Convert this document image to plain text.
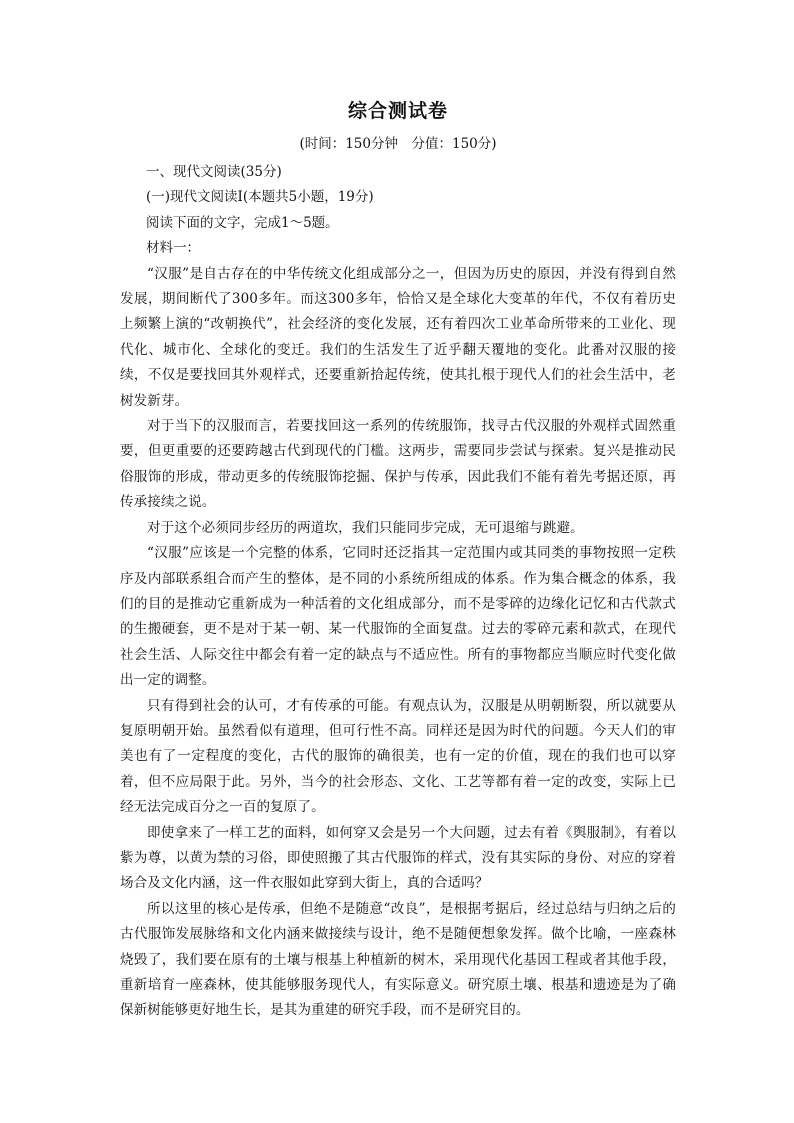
综合测试卷
(时间：150分钟　分值：150分)
一、现代文阅读(35分)
(一)现代文阅读Ⅰ(本题共5小题，19分)
阅读下面的文字，完成1～5题。
材料一：

“汉服”是自古存在的中华传统文化组成部分之一，但因为历史的原因，并没有得到自然发展，期间断代了300多年。而这300多年，恰恰又是全球化大变革的年代，不仅有着历史上频繁上演的“改朝换代”，社会经济的变化发展，还有着四次工业革命所带来的工业化、现代化、城市化、全球化的变迁。我们的生活发生了近乎翻天覆地的变化。此番对汉服的接续，不仅是要找回其外观样式，还要重新拾起传统，使其扎根于现代人们的社会生活中，老树发新芽。

对于当下的汉服而言，若要找回这一系列的传统服饰，找寻古代汉服的外观样式固然重要，但更重要的还要跨越古代到现代的门槛。这两步，需要同步尝试与探索。复兴是推动民俗服饰的形成，带动更多的传统服饰挖掘、保护与传承，因此我们不能有着先考据还原，再传承接续之说。

对于这个必须同步经历的两道坎，我们只能同步完成，无可退缩与跳避。

“汉服”应该是一个完整的体系，它同时还泛指其一定范围内或其同类的事物按照一定秩序及内部联系组合而产生的整体，是不同的小系统所组成的体系。作为集合概念的体系，我们的目的是推动它重新成为一种活着的文化组成部分，而不是零碎的边缘化记忆和古代款式的生搬硬套，更不是对于某一朝、某一代服饰的全面复盘。过去的零碎元素和款式，在现代社会生活、人际交往中都会有着一定的缺点与不适应性。所有的事物都应当顺应时代变化做出一定的调整。

只有得到社会的认可，才有传承的可能。有观点认为，汉服是从明朝断裂，所以就要从复原明朝开始。虽然看似有道理，但可行性不高。同样还是因为时代的问题。今天人们的审美也有了一定程度的变化，古代的服饰的确很美，也有一定的价值，现在的我们也可以穿着，但不应局限于此。另外，当今的社会形态、文化、工艺等都有着一定的改变，实际上已经无法完成百分之一百的复原了。

即使拿来了一样工艺的面料，如何穿又会是另一个大问题，过去有着《舆服制》，有着以紫为尊，以黄为禁的习俗，即使照搬了其古代服饰的样式，没有其实际的身份、对应的穿着场合及文化内涵，这一件衣服如此穿到大街上，真的合适吗？

所以这里的核心是传承，但绝不是随意“改良”，是根据考据后，经过总结与归纳之后的古代服饰发展脉络和文化内涵来做接续与设计，绝不是随便想象发挥。做个比喻，一座森林烧毁了，我们要在原有的土壤与根基上种植新的树木，采用现代化基因工程或者其他手段，重新培育一座森林，使其能够服务现代人，有实际意义。研究原土壤、根基和遗迹是为了确保新树能够更好地生长，是其为重建的研究手段，而不是研究目的。
